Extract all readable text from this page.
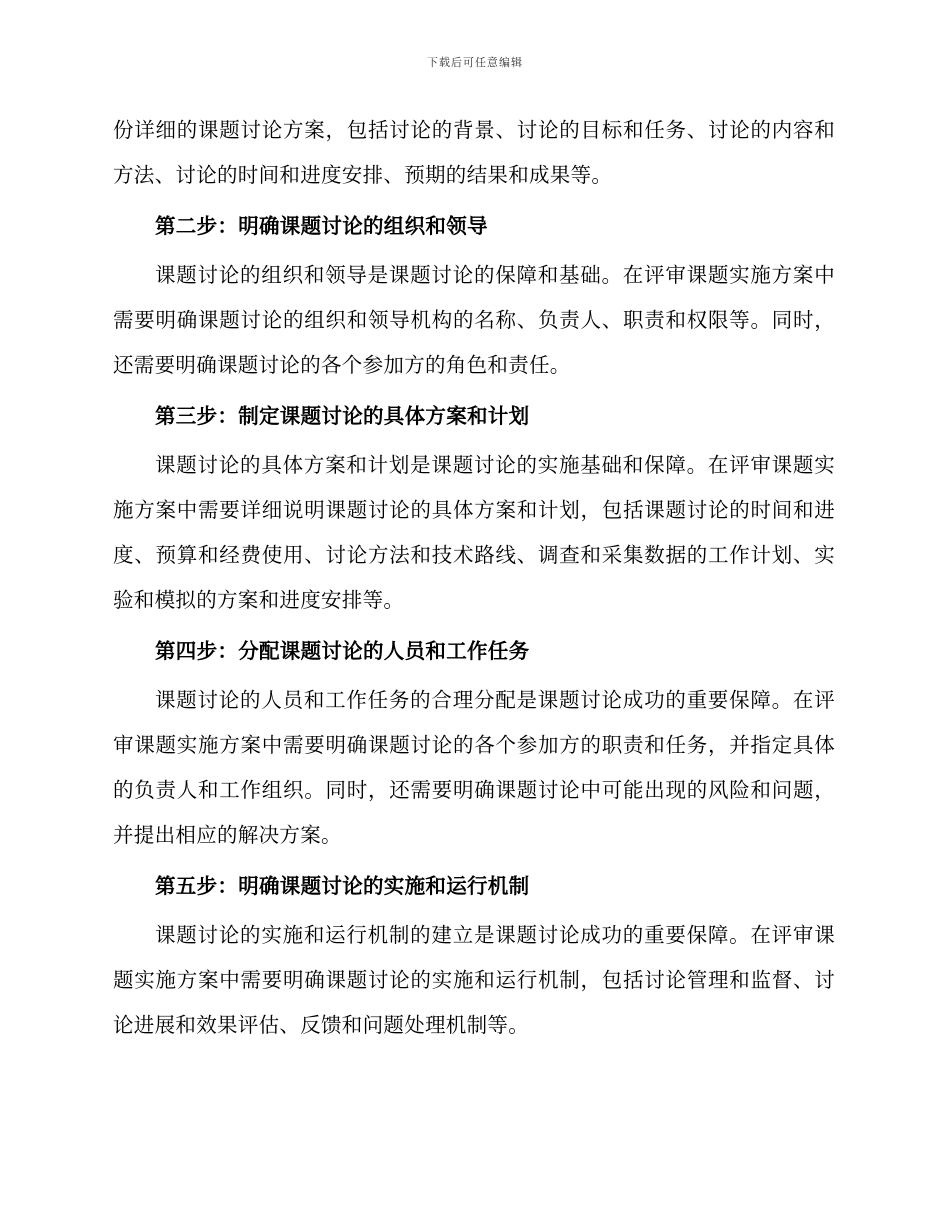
下载后可任意编辑

份详细的课题讨论方案，包括讨论的背景、讨论的目标和任务、讨论的内容和方法、讨论的时间和进度安排、预期的结果和成果等。

第二步：明确课题讨论的组织和领导

课题讨论的组织和领导是课题讨论的保障和基础。在评审课题实施方案中需要明确课题讨论的组织和领导机构的名称、负责人、职责和权限等。同时，还需要明确课题讨论的各个参加方的角色和责任。

第三步：制定课题讨论的具体方案和计划

课题讨论的具体方案和计划是课题讨论的实施基础和保障。在评审课题实施方案中需要详细说明课题讨论的具体方案和计划，包括课题讨论的时间和进度、预算和经费使用、讨论方法和技术路线、调查和采集数据的工作计划、实验和模拟的方案和进度安排等。

第四步：分配课题讨论的人员和工作任务

课题讨论的人员和工作任务的合理分配是课题讨论成功的重要保障。在评审课题实施方案中需要明确课题讨论的各个参加方的职责和任务，并指定具体的负责人和工作组织。同时，还需要明确课题讨论中可能出现的风险和问题，并提出相应的解决方案。

第五步：明确课题讨论的实施和运行机制

课题讨论的实施和运行机制的建立是课题讨论成功的重要保障。在评审课题实施方案中需要明确课题讨论的实施和运行机制，包括讨论管理和监督、讨论进展和效果评估、反馈和问题处理机制等。
